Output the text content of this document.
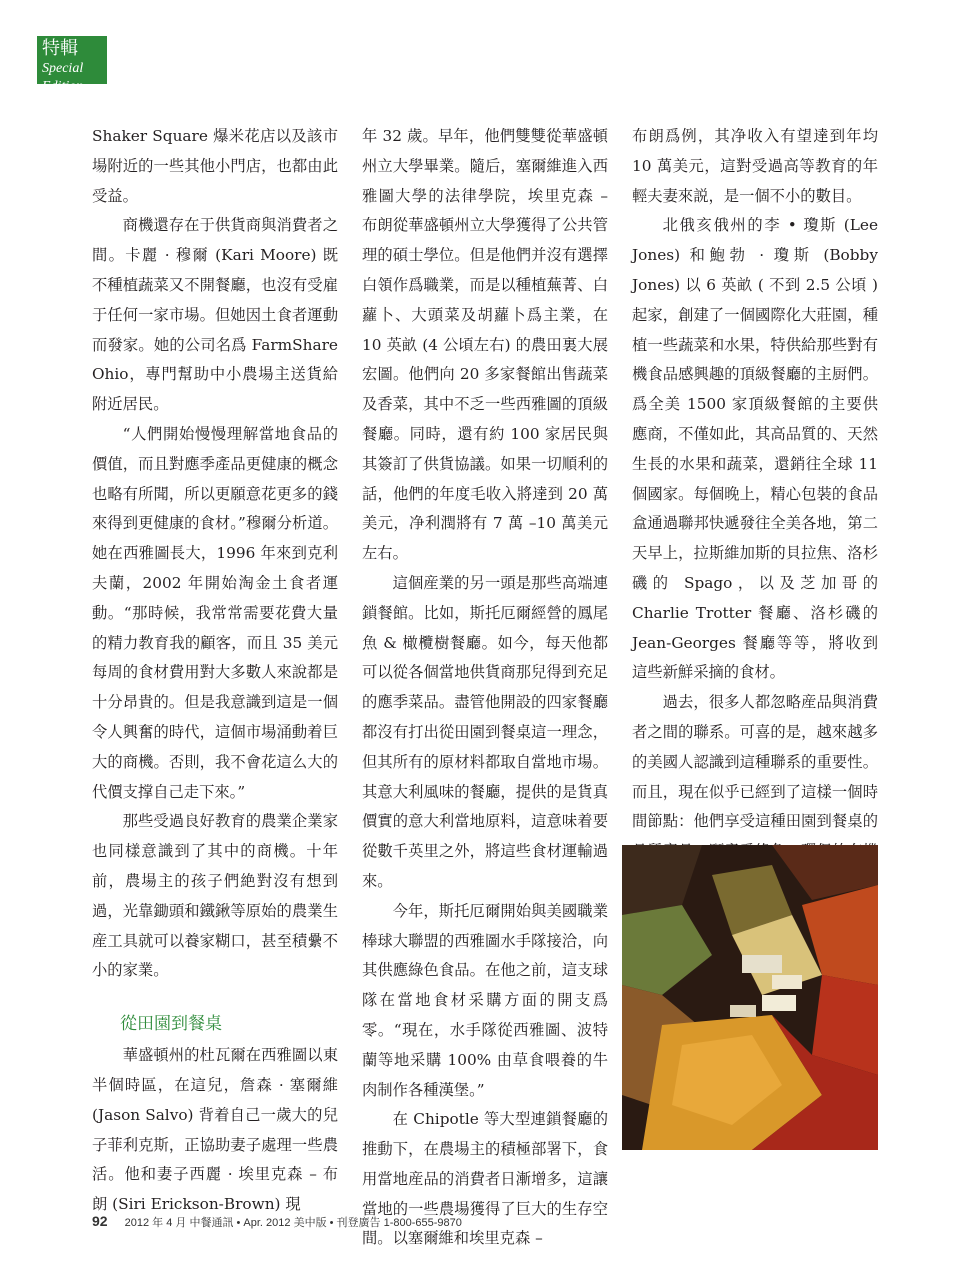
特輯
Special Edition

Shaker Square 爆米花店以及該市場附近的一些其他小門店，也都由此受益。

商機還存在于供貨商與消費者之間。卡麗 · 穆爾 (Kari Moore) 既不種植蔬菜又不開餐廳，也沒有受雇于任何一家市場。但她因土食者運動而發家。她的公司名爲 FarmShare Ohio，專門幫助中小農場主送貨給附近居民。

“人們開始慢慢理解當地食品的價值，而且對應季產品更健康的概念也略有所聞，所以更願意花更多的錢來得到更健康的食材。”穆爾分析道。她在西雅圖長大，1996 年來到克利夫蘭，2002 年開始淘金土食者運動。“那時候，我常常需要花費大量的精力教育我的顧客，而且 35 美元每周的食材費用對大多數人來說都是十分昂貴的。但是我意識到這是一個令人興奮的時代，這個市場涌動着巨大的商機。否則，我不會花這么大的代價支撑自己走下來。”

那些受過良好教育的農業企業家也同樣意識到了其中的商機。十年前，農場主的孩子們絶對沒有想到過，光靠鋤頭和鐵鍬等原始的農業生産工具就可以養家糊口，甚至積纍不小的家業。

從田園到餐桌

華盛頓州的杜瓦爾在西雅圖以東半個時區，在這兒，詹森 · 塞爾維 (Jason Salvo) 背着自己一歲大的兒子菲利克斯，正協助妻子處理一些農活。他和妻子西麗 · 埃里克森 – 布朗 (Siri Erickson-Brown) 現

年 32 歲。早年，他們雙雙從華盛頓州立大學畢業。隨后，塞爾維進入西雅圖大學的法律學院，埃里克森 – 布朗從華盛頓州立大學獲得了公共管理的碩士學位。但是他們并沒有選擇白領作爲職業，而是以種植蕪菁、白蘿卜、大頭菜及胡蘿卜爲主業，在 10 英畝 (4 公頃左右) 的農田裏大展宏圖。他們向 20 多家餐館出售蔬菜及香菜，其中不乏一些西雅圖的頂級餐廳。同時，還有約 100 家居民與其簽訂了供貨協議。如果一切順利的話，他們的年度毛收入將達到 20 萬美元，净利潤將有 7 萬 –10 萬美元左右。

這個産業的另一頭是那些高端連鎖餐館。比如，斯托厄爾經營的鳳尾魚 & 橄欖樹餐廳。如今，每天他都可以從各個當地供貨商那兒得到充足的應季菜品。盡管他開設的四家餐廳都沒有打出從田園到餐桌這一理念，但其所有的原材料都取自當地市場。其意大利風味的餐廳，提供的是貨真價實的意大利當地原料，這意味着要從數千英里之外，將這些食材運輸過來。

今年，斯托厄爾開始與美國職業棒球大聯盟的西雅圖水手隊接洽，向其供應綠色食品。在他之前，這支球隊在當地食材采購方面的開支爲零。“現在，水手隊從西雅圖、波特蘭等地采購 100% 由草食喂養的牛肉制作各種漢堡。”

在 Chipotle 等大型連鎖餐廳的推動下，在農場主的積極部署下，食用當地産品的消費者日漸增多，這讓當地的一些農場獲得了巨大的生存空間。以塞爾維和埃里克森 –

布朗爲例，其净收入有望達到年均 10 萬美元，這對受過高等教育的年輕夫妻來説，是一個不小的數目。

北俄亥俄州的李 • 瓊斯 (Lee Jones) 和鮑勃 · 瓊斯 (Bobby Jones) 以 6 英畝 ( 不到 2.5 公頃 ) 起家，創建了一個國際化大莊園，種植一些蔬菜和水果，特供給那些對有機食品感興趣的頂級餐廳的主厨們。爲全美 1500 家頂級餐館的主要供應商，不僅如此，其高品質的、天然生長的水果和蔬菜，還銷往全球 11 個國家。每個晚上，精心包裝的食品盒通過聯邦快遞發往全美各地，第二天早上，拉斯維加斯的貝拉焦、洛杉磯的 Spago，以及芝加哥的 Charlie Trotter 餐廳、洛杉磯的 Jean-Georges 餐廳等等，將收到這些新鮮采摘的食材。

過去，很多人都忽略産品與消費者之間的聯系。可喜的是，越來越多的美國人認識到這種聯系的重要性。而且，現在似乎已經到了這樣一個時間節點：他們享受這種田園到餐桌的

92 2012 年 4 月 中餐通訊 • Apr. 2012 美中版 • 刊登廣告 1-800-655-9870
